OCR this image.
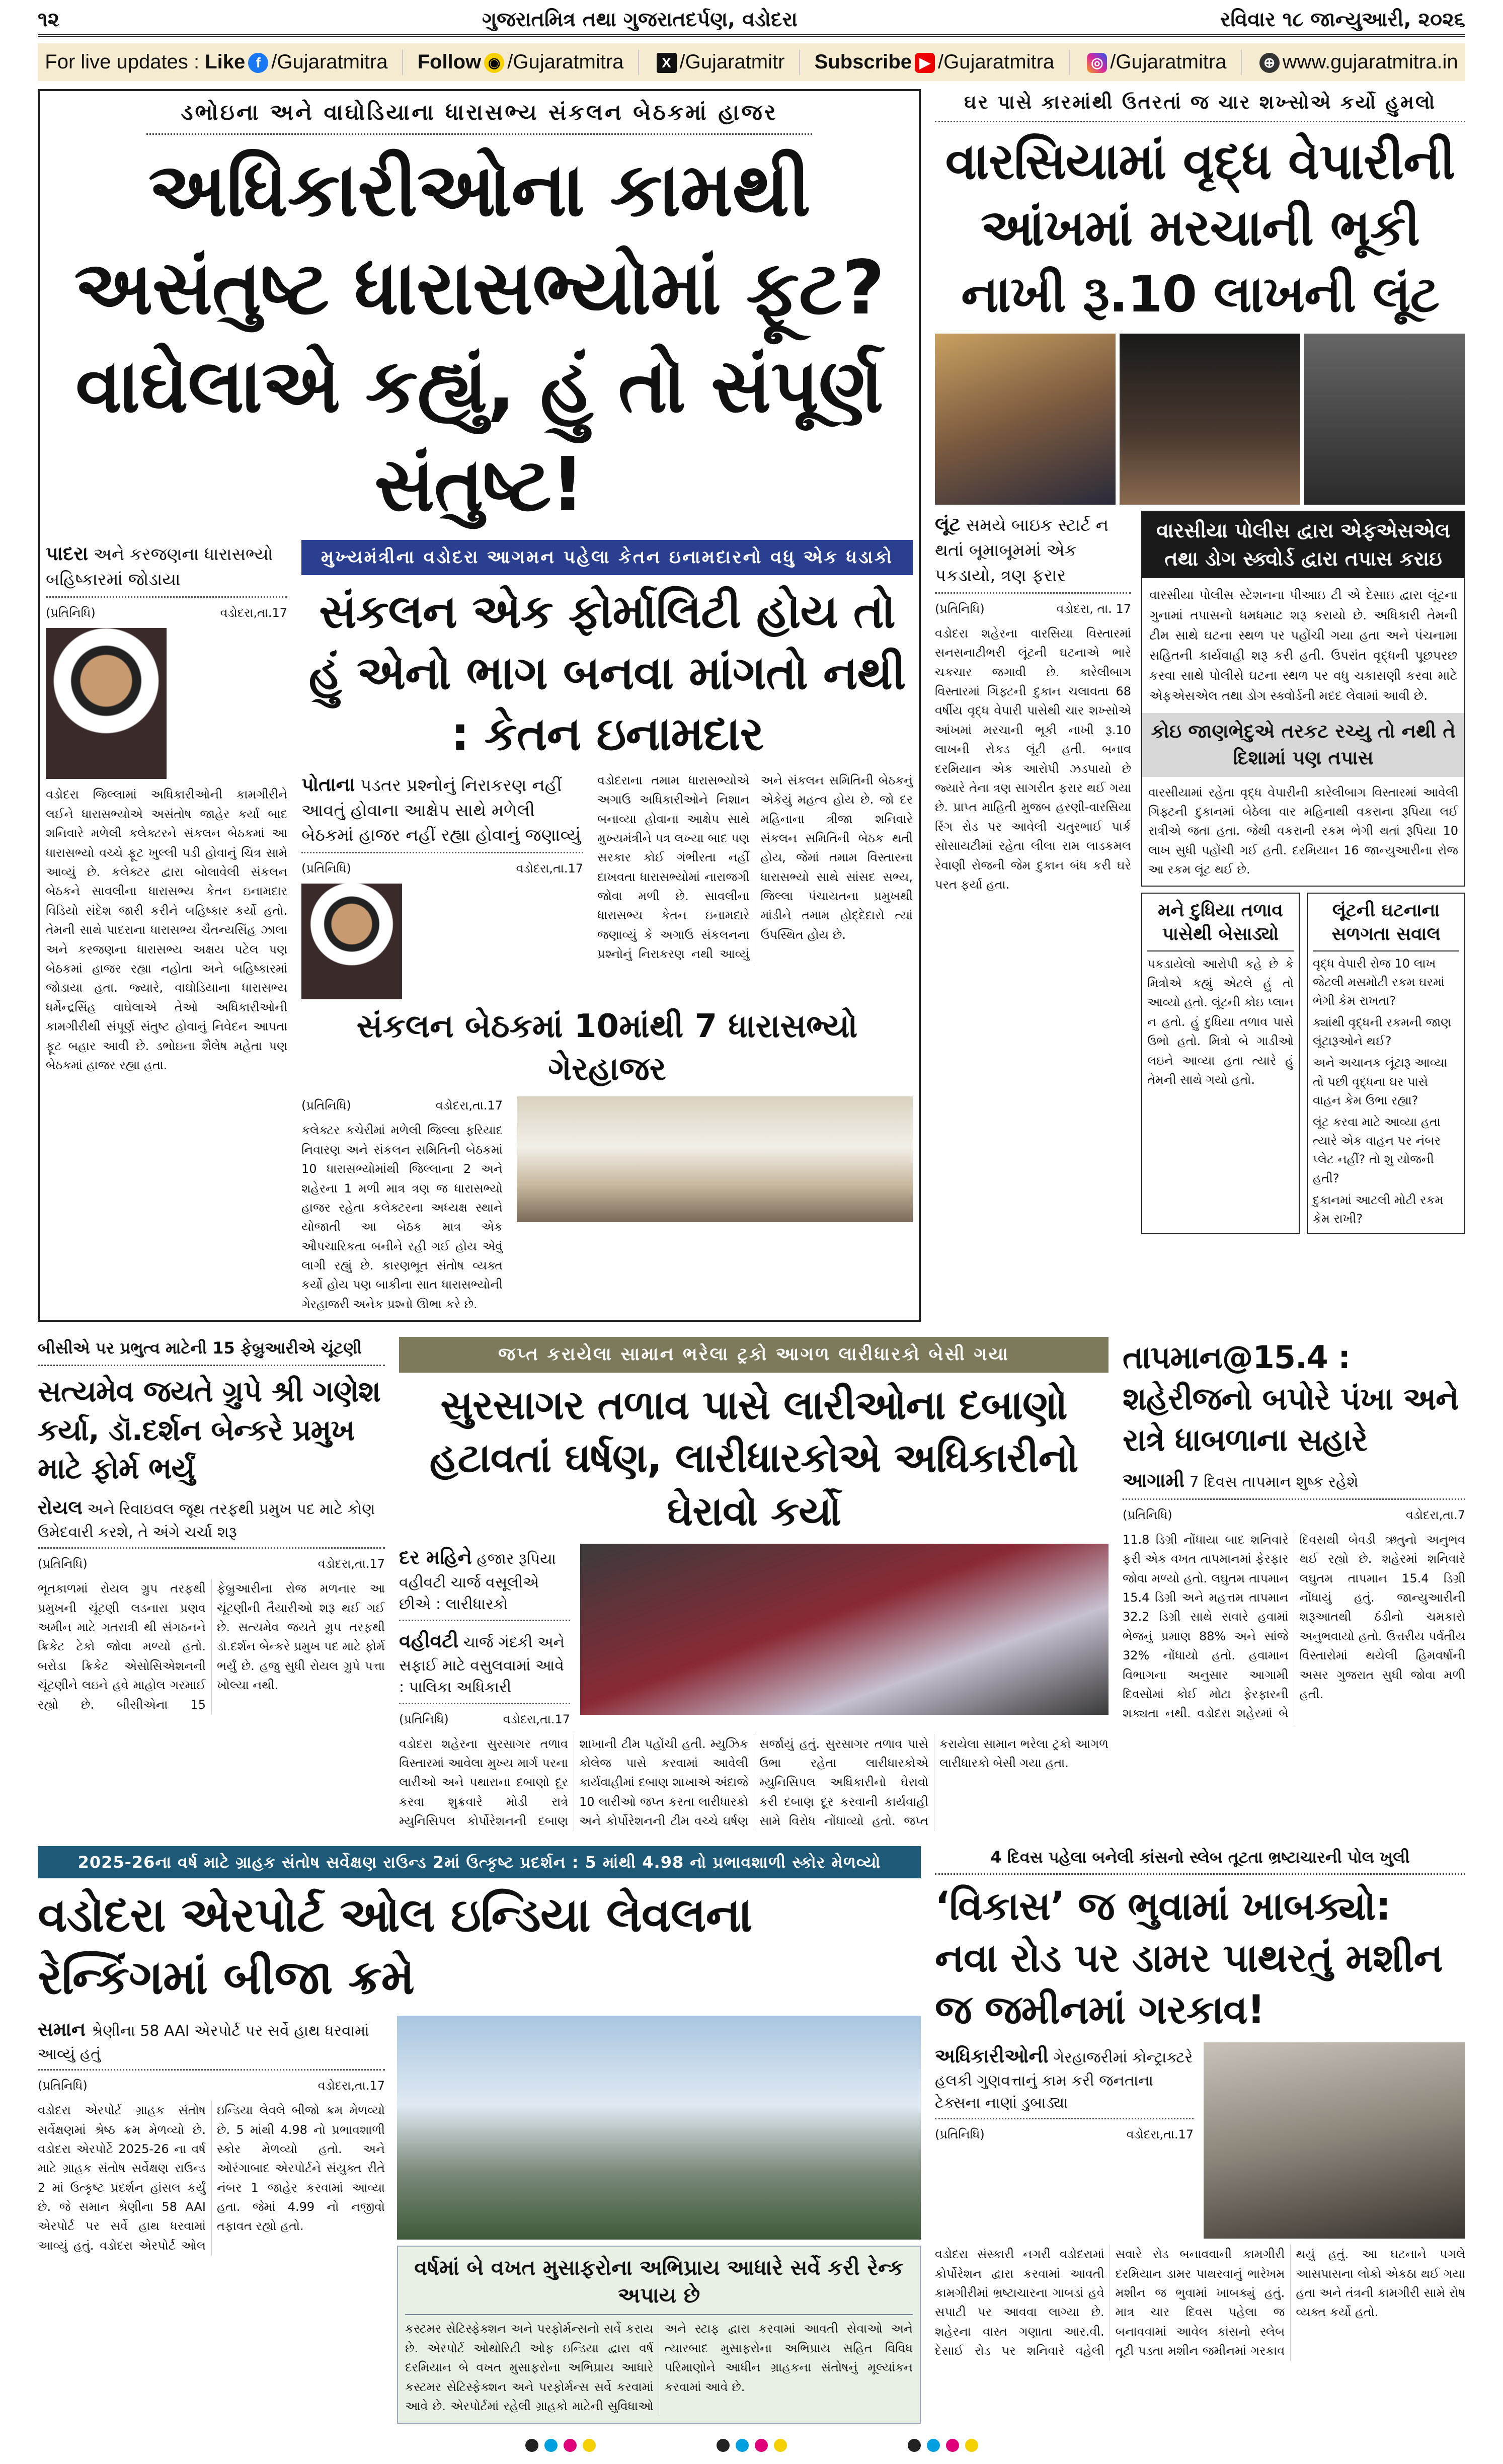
૧૨	ગુજરાતમિત્ર તથા ગુજરાતદર્પણ, વડોદરા	રવિવાર ૧૮ જાન્યુઆરી, ૨૦૨૬
For live updates : Like f /Gujaratmitra Follow ◉ /Gujaratmitra	X /Gujaratmitr Subscribe ▶ /Gujaratmitra	◎ /Gujaratmitra	⊕ www.gujaratmitra.in
ડભોઇના અને વાઘોડિયાના ધારાસભ્ય સંકલન બેઠકમાં હાજર
અધિકારીઓના કામથી અસંતુષ્ટ ધારાસભ્યોમાં ફૂટ? વાઘેલાએ કહ્યું, હું તો સંપૂર્ણ સંતુષ્ટ!
પાદરા અને કરજણના ધારાસભ્યો બહિષ્કારમાં જોડાયા
(પ્રતિનિધિ)	વડોદરા,તા.17
વડોદરા જિલ્લામાં અધિકારીઓની કામગીરીને લઈને ધારાસભ્યોએ અસંતોષ જાહેર કર્યા બાદ શનિવારે મળેલી કલેક્ટરને સંકલન બેઠકમાં આ ધારાસભ્યો વચ્ચે ફૂટ ખુલ્લી પડી હોવાનું ચિત્ર સામે આવ્યું છે. કલેક્ટર દ્વારા બોલાવેલી સંકલન બેઠકને સાવલીના ધારાસભ્ય કેતન ઇનામદાર વિડિયો સંદેશ જારી કરીને બહિષ્કાર કર્યો હતો. તેમની સાથે પાદરાના ધારાસભ્ય ચૈતન્યસિંહ ઝાલા અને કરજણના ધારાસભ્ય અક્ષય પટેલ પણ બેઠકમાં હાજર રહ્યા નહોતા અને બહિષ્કારમાં જોડાયા હતા. જ્યારે, વાઘોડિયાના ધારાસભ્ય ધર્મેન્દ્રસિંહ વાઘેલાએ તેઓ અધિકારીઓની કામગીરીથી સંપૂર્ણ સંતુષ્ટ હોવાનું નિવેદન આપતા ફૂટ બહાર આવી છે. ડભોઇના શૈલેષ મહેતા પણ બેઠકમાં હાજર રહ્યા હતા.
મુખ્યમંત્રીના વડોદરા આગમન પહેલા કેતન ઇનામદારનો વધુ એક ધડાકો
સંકલન એક ફોર્માલિટી હોય તો હું એનો ભાગ બનવા માંગતો નથી : કેતન ઇનામદાર
પોતાના પડતર પ્રશ્નોનું નિરાકરણ નહીં આવતું હોવાના આક્ષેપ સાથે મળેલી બેઠકમાં હાજર નહીં રહ્યા હોવાનું જણાવ્યું
(પ્રતિનિધિ)	વડોદરા,તા.17
વડોદરાના તમામ ધારાસભ્યોએ અગાઉ અધિકારીઓને નિશાન બનાવ્યા હોવાના આક્ષેપ સાથે મુખ્યમંત્રીને પત્ર લખ્યા બાદ પણ સરકાર કોઈ ગંભીરતા નહીં દાખવતા ધારાસભ્યોમાં નારાજગી જોવા મળી છે. સાવલીના ધારાસભ્ય કેતન ઇનામદારે જણાવ્યું કે અગાઉ સંકલનના પ્રશ્નોનું નિરાકરણ નથી આવ્યું અને સંકલન સમિતિની બેઠકનું એકેયું મહત્વ હોય છે. જો દર મહિનાના ત્રીજા શનિવારે સંકલન સમિતિની બેઠક થતી હોય, જેમાં તમામ વિસ્તારના ધારાસભ્યો સાથે સાંસદ સભ્ય, જિલ્લા પંચાયતના પ્રમુખથી માંડીને તમામ હોદ્દેદારો ત્યાં ઉપસ્થિત હોય છે.
સંકલન બેઠકમાં 10માંથી 7 ધારાસભ્યો ગેરહાજર
(પ્રતિનિધિ)	વડોદરા,તા.17
કલેક્ટર કચેરીમાં મળેલી જિલ્લા ફરિયાદ નિવારણ અને સંકલન સમિતિની બેઠકમાં 10 ધારાસભ્યોમાંથી જિલ્લાના 2 અને શહેરના 1 મળી માત્ર ત્રણ જ ધારાસભ્યો હાજર રહેતા કલેક્ટરના અધ્યક્ષ સ્થાને યોજાતી આ બેઠક માત્ર એક ઔપચારિકતા બનીને રહી ગઈ હોય એવું લાગી રહ્યું છે. કારણભૂત સંતોષ વ્યક્ત કર્યો હોય પણ બાકીના સાત ધારાસભ્યોની ગેરહાજરી અનેક પ્રશ્નો ઊભા કરે છે.
ઘર પાસે કારમાંથી ઉતરતાં જ ચાર શખ્સોએ કર્યો હુમલો
વારસિયામાં વૃદ્ધ વેપારીની આંખમાં મરચાની ભૂકી નાખી રૂ.10 લાખની લૂંટ
લૂંટ સમયે બાઇક સ્ટાર્ટ ન થતાં બૂમાબૂમમાં એક પકડાયો, ત્રણ ફરાર
(પ્રતિનિધિ)	વડોદરા, તા. 17
વડોદરા શહેરના વારસિયા વિસ્તારમાં સનસનાટીભરી લૂંટની ઘટનાએ ભારે ચકચાર જગાવી છે. કારેલીબાગ વિસ્તારમાં ગિફ્ટની દુકાન ચલાવતા 68 વર્ષીય વૃદ્ધ વેપારી પાસેથી ચાર શખ્સોએ આંખમાં મરચાની ભૂકી નાખી રૂ.10 લાખની રોકડ લૂંટી હતી. બનાવ દરમિયાન એક આરોપી ઝડપાયો છે જ્યારે તેના ત્રણ સાગરીત ફરાર થઈ ગયા છે. પ્રાપ્ત માહિતી મુજબ હરણી-વારસિયા રિંગ રોડ પર આવેલી ચતુરભાઈ પાર્ક સોસાયટીમાં રહેતા લીલા રામ લાડકમલ રેવાણી રોજની જેમ દુકાન બંધ કરી ઘરે પરત ફર્યા હતા.
વારસીયા પોલીસ દ્વારા એફએસએલ તથા ડોગ સ્ક્વોર્ડ દ્વારા તપાસ કરાઇ
વારસીયા પોલીસ સ્ટેશનના પીઆઇ ટી એ દેસાઇ દ્વારા લૂંટના ગુનામાં તપાસનો ધમધમાટ શરૂ કરાયો છે. અધિકારી તેમની ટીમ સાથે ઘટના સ્થળ પર પહોંચી ગયા હતા અને પંચનામા સહિતની કાર્યવાહી શરૂ કરી હતી. ઉપરાંત વૃદ્ધની પૂછપરછ કરવા સાથે પોલીસે ઘટના સ્થળ પર વધુ ચકાસણી કરવા માટે એફએસએલ તથા ડોગ સ્ક્વોર્ડની મદદ લેવામાં આવી છે.
કોઇ જાણભેદુએ તરકટ રચ્યુ તો નથી તે દિશામાં પણ તપાસ
વારસીયામાં રહેતા વૃદ્ધ વેપારીની કારેલીબાગ વિસ્તારમાં આવેલી ગિફ્ટની દુકાનમાં બેઠેલા વાર મહિનાથી વકરાના રૂપિયા લઈ રાત્રીએ જતા હતા. જેથી વકરાની રકમ ભેગી થતાં રૂપિયા 10 લાખ સુધી પહોંચી ગઈ હતી. દરમિયાન 16 જાન્યુઆરીના રોજ આ રકમ લૂંટ થઈ છે.
મને દુધિયા તળાવ પાસેથી બેસાડ્યો
પકડાયેલો આરોપી કહે છે કે મિત્રોએ કહ્યું એટલે હું તો આવ્યો હતો. લૂંટની કોઇ પ્લાન ન હતો. હું દુધિયા તળાવ પાસે ઉભો હતો. મિત્રો બે ગાડીઓ લઇને આવ્યા હતા ત્યારે હું તેમની સાથે ગયો હતો.
લૂંટની ઘટનાના સળગતા સવાલ

વૃદ્ધ વેપારી રોજ 10 લાખ જેટલી મસમોટી રકમ ઘરમાં ભેગી કેમ રાખતા?

ક્યાંથી વૃદ્ધની રકમની જાણ લૂંટારૂઓને થઈ?

અને અચાનક લૂંટારૂ આવ્યા તો પછી વૃદ્ધના ઘર પાસે વાહન કેમ ઉભા રહ્યા?

લૂંટ કરવા માટે આવ્યા હતા ત્યારે એક વાહન પર નંબર પ્લેટ નહીં? તો શુ યોજની હતી?

દુકાનમાં આટલી મોટી રકમ કેમ રાખી?

બીસીએ પર પ્રભુત્વ માટેની 15 ફેબ્રુઆરીએ ચૂંટણી
સત્યમેવ જયતે ગ્રુપે શ્રી ગણેશ કર્યા, ડૉ.દર્શન બેન્કરે પ્રમુખ માટે ફોર્મ ભર્યું
રોયલ અને રિવાઇવલ જૂથ તરફથી પ્રમુખ પદ માટે કોણ ઉમેદવારી કરશે, તે અંગે ચર્ચા શરૂ
(પ્રતિનિધિ)	વડોદરા,તા.17
ભૂતકાળમાં રોયલ ગ્રુપ તરફથી પ્રમુખની ચૂંટણી લડનારા પ્રણવ અમીન માટે ગતરાત્રી થી સંગઠનને ક્રિકેટ ટેકો જોવા મળ્યો હતો. બરોડા ક્રિકેટ એસોસિએશનની ચૂંટણીને લઇને હવે માહોલ ગરમાઈ રહ્યો છે. બીસીએના 15 ફેબ્રુઆરીના રોજ મળનાર આ ચૂંટણીની તૈયારીઓ શરૂ થઈ ગઈ છે. સત્યમેવ જયતે ગ્રુપ તરફથી ડૉ.દર્શન બેન્કરે પ્રમુખ પદ માટે ફોર્મ ભર્યું છે. હજુ સુધી રોયલ ગ્રુપે પત્તા ખોલ્યા નથી.
જપ્ત કરાયેલા સામાન ભરેલા ટ્રકો આગળ લારીધારકો બેસી ગયા
સુરસાગર તળાવ પાસે લારીઓના દબાણો હટાવતાં ઘર્ષણ, લારીધારકોએ અધિકારીનો ઘેરાવો કર્યો
દર મહિને હજાર રૂપિયા વહીવટી ચાર્જ વસૂલીએ છીએ : લારીધારકો
વહીવટી ચાર્જ ગંદકી અને સફાઈ માટે વસુલવામાં આવે : પાલિકા અધિકારી
(પ્રતિનિધિ)	વડોદરા,તા.17
વડોદરા શહેરના સુરસાગર તળાવ વિસ્તારમાં આવેલા મુખ્ય માર્ગ પરના લારીઓ અને પથારાના દબાણો દૂર કરવા શુક્રવારે મોડી રાત્રે મ્યુનિસિપલ કોર્પોરેશનની દબાણ શાખાની ટીમ પહોંચી હતી. મ્યુઝિક કોલેજ પાસે કરવામાં આવેલી કાર્યવાહીમાં દબાણ શાખાએ અંદાજે 10 લારીઓ જપ્ત કરતા લારીધારકો અને કોર્પોરેશનની ટીમ વચ્ચે ઘર્ષણ સર્જાયું હતું. સુરસાગર તળાવ પાસે ઉભા રહેતા લારીધારકોએ મ્યુનિસિપલ અધિકારીનો ઘેરાવો કરી દબાણ દૂર કરવાની કાર્યવાહી સામે વિરોધ નોંધાવ્યો હતો. જપ્ત કરાયેલા સામાન ભરેલા ટ્રકો આગળ લારીધારકો બેસી ગયા હતા.
તાપમાન@15.4 : શહેરીજનો બપોરે પંખા અને રાત્રે ધાબળાના સહારે
આગામી 7 દિવસ તાપમાન શુષ્ક રહેશે
(પ્રતિનિધિ)	વડોદરા,તા.7
11.8 ડિગ્રી નોંધાયા બાદ શનિવારે ફરી એક વખત તાપમાનમાં ફેરફાર જોવા મળ્યો હતો. લઘુતમ તાપમાન 15.4 ડિગ્રી અને મહત્તમ તાપમાન 32.2 ડિગ્રી સાથે સવારે હવામાં ભેજનું પ્રમાણ 88% અને સાંજે 32% નોંધાયો હતો. હવામાન વિભાગના અનુસાર આગામી દિવસોમાં કોઈ મોટા ફેરફારની શક્યતા નથી. વડોદરા શહેરમાં બે દિવસથી બેવડી ઋતુનો અનુભવ થઈ રહ્યો છે. શહેરમાં શનિવારે લઘુતમ તાપમાન 15.4 ડિગ્રી નોંધાયું હતું. જાન્યુઆરીની શરૂઆતથી ઠંડીનો ચમકારો અનુભવાયો હતો. ઉત્તરીય પર્વતીય વિસ્તારોમાં થયેલી હિમવર્ષાની અસર ગુજરાત સુધી જોવા મળી હતી.
2025-26ના વર્ષ માટે ગ્રાહક સંતોષ સર્વેક્ષણ રાઉન્ડ 2માં ઉત્કૃષ્ટ પ્રદર્શન : 5 માંથી 4.98 નો પ્રભાવશાળી સ્કોર મેળવ્યો
વડોદરા એરપોર્ટ ઓલ ઇન્ડિયા લેવલના રેન્કિંગમાં બીજા ક્રમે
સમાન શ્રેણીના 58 AAI એરપોર્ટ પર સર્વે હાથ ધરવામાં આવ્યું હતું
(પ્રતિનિધિ)	વડોદરા,તા.17
વડોદરા એરપોર્ટ ગ્રાહક સંતોષ સર્વેક્ષણમાં શ્રેષ્ઠ ક્રમ મેળવ્યો છે. વડોદરા એરપોર્ટે 2025-26 ના વર્ષ માટે ગ્રાહક સંતોષ સર્વેક્ષણ રાઉન્ડ 2 માં ઉત્કૃષ્ટ પ્રદર્શન હાંસલ કર્યું છે. જે સમાન શ્રેણીના 58 AAI એરપોર્ટ પર સર્વે હાથ ધરવામાં આવ્યું હતું. વડોદરા એરપોર્ટ ઓલ ઇન્ડિયા લેવલે બીજો ક્રમ મેળવ્યો છે. 5 માંથી 4.98 નો પ્રભાવશાળી સ્કોર મેળવ્યો હતો. અને ઓરંગાબાદ એરપોર્ટને સંયુક્ત રીતે નંબર 1 જાહેર કરવામાં આવ્યા હતા. જેમાં 4.99 નો નજીવો તફાવત રહ્યો હતો.
વર્ષમાં બે વખત મુસાફરોના અભિપ્રાય આધારે સર્વે કરી રેન્ક અપાય છે
કસ્ટમર સેટિસ્ફેક્શન અને પરફોર્મન્સનો સર્વે કરાય છે. એરપોર્ટ ઓથોરિટી ઓફ ઇન્ડિયા દ્વારા વર્ષ દરમિયાન બે વખત મુસાફરોના અભિપ્રાય આધારે કસ્ટમર સેટિસ્ફેક્શન અને પરફોર્મન્સ સર્વે કરવામાં આવે છે. એરપોર્ટમાં રહેલી ગ્રાહકો માટેની સુવિધાઓ અને સ્ટાફ દ્વારા કરવામાં આવતી સેવાઓ અને ત્યારબાદ મુસાફરોના અભિપ્રાય સહિત વિવિધ પરિમાણોને આધીન ગ્રાહકના સંતોષનું મૂલ્યાંકન કરવામાં આવે છે.
4 દિવસ પહેલા બનેલી કાંસનો સ્લેબ તૂટતા ભ્રષ્ટાચારની પોલ ખુલી
‘વિકાસ’ જ ભુવામાં ખાબક્યો: નવા રોડ પર ડામર પાથરતું મશીન જ જમીનમાં ગરકાવ!
અધિકારીઓની ગેરહાજરીમાં કોન્ટ્રાક્ટરે હલકી ગુણવત્તાનું કામ કરી જનતાના ટેક્સના નાણાં ડુબાડ્યા
(પ્રતિનિધિ)	વડોદરા,તા.17
વડોદરા સંસ્કારી નગરી વડોદરામાં કોર્પોરેશન દ્વારા કરવામાં આવતી કામગીરીમાં ભ્રષ્ટાચારના ગાબડાં હવે સપાટી પર આવવા લાગ્યા છે. શહેરના વાસ્ત ગણાતા આર.વી. દેસાઈ રોડ પર શનિવારે વહેલી સવારે રોડ બનાવવાની કામગીરી દરમિયાન ડામર પાથરવાનું ભારેખમ મશીન જ ભુવામાં ખાબક્યું હતું. માત્ર ચાર દિવસ પહેલા જ બનાવવામાં આવેલ કાંસનો સ્લેબ તૂટી પડતા મશીન જમીનમાં ગરકાવ થયું હતું. આ ઘટનાને પગલે આસપાસના લોકો એકઠા થઈ ગયા હતા અને તંત્રની કામગીરી સામે રોષ વ્યક્ત કર્યો હતો.
